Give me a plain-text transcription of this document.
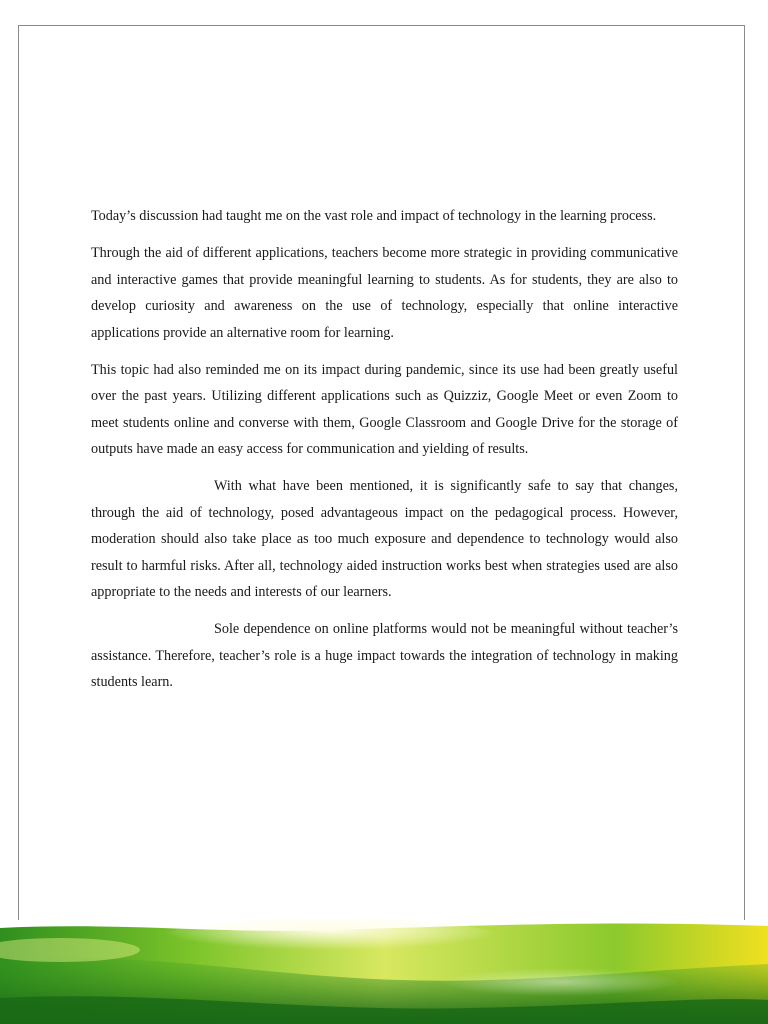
Today’s discussion had taught me on the vast role and impact of technology in the learning process.

Through the aid of different applications, teachers become more strategic in providing communicative and interactive games that provide meaningful learning to students. As for students, they are also to develop curiosity and awareness on the use of technology, especially that online interactive applications provide an alternative room for learning.

This topic had also reminded me on its impact during pandemic, since its use had been greatly useful over the past years. Utilizing different applications such as Quizziz, Google Meet or even Zoom to meet students online and converse with them, Google Classroom and Google Drive for the storage of outputs have made an easy access for communication and yielding of results.

With what have been mentioned, it is significantly safe to say that changes, through the aid of technology, posed advantageous impact on the pedagogical process. However, moderation should also take place as too much exposure and dependence to technology would also result to harmful risks. After all, technology aided instruction works best when strategies used are also appropriate to the needs and interests of our learners.

Sole dependence on online platforms would not be meaningful without teacher’s assistance. Therefore, teacher’s role is a huge impact towards the integration of technology in making students learn.
